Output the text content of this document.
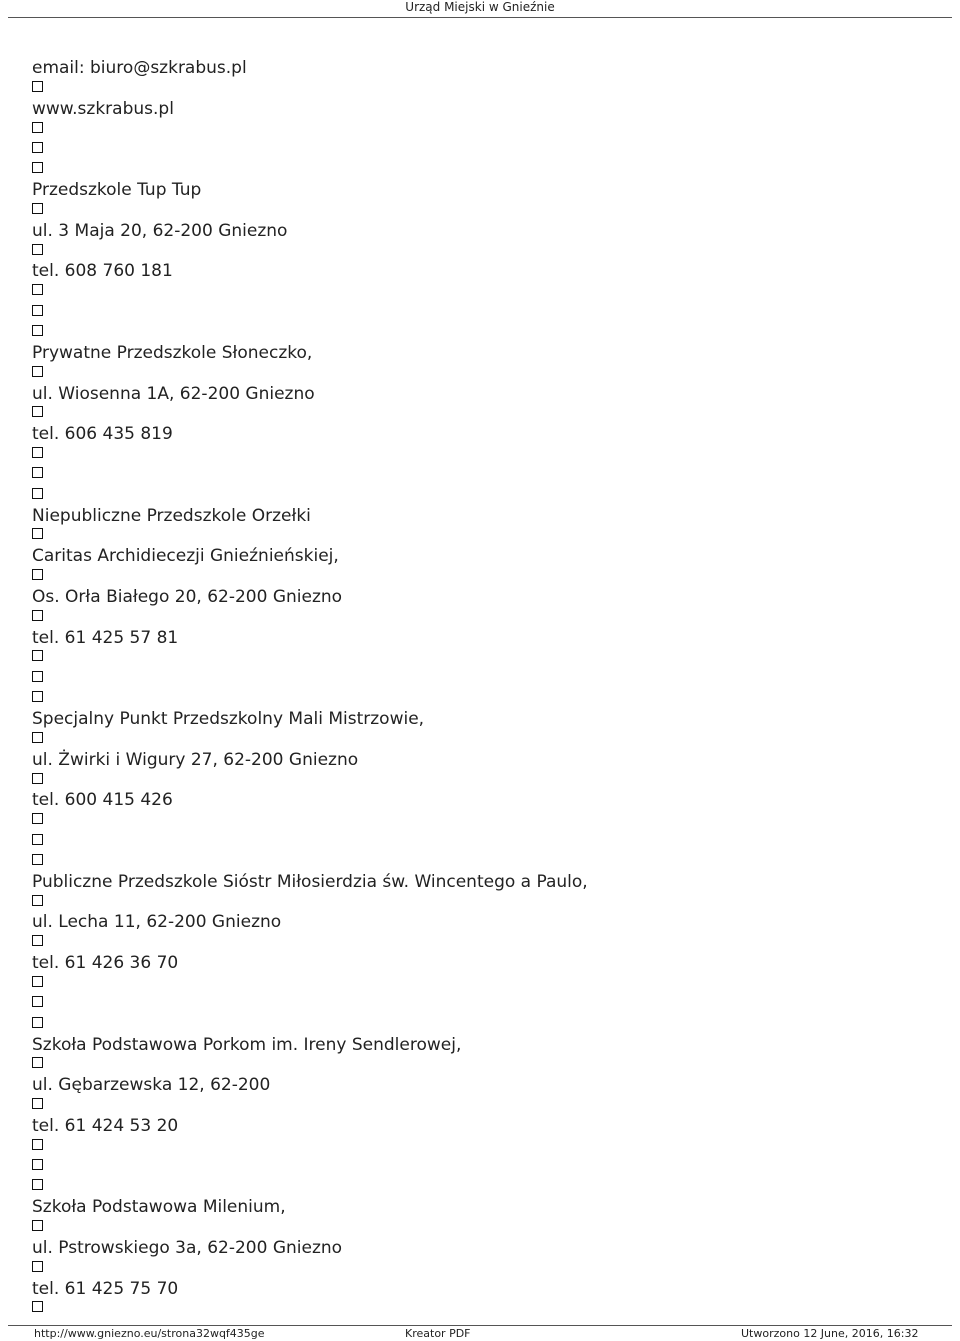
Urząd Miejski w Gnieźnie
email: biuro@szkrabus.pl
www.szkrabus.pl
Przedszkole Tup Tup
ul. 3 Maja 20, 62-200 Gniezno
tel. 608 760 181
Prywatne Przedszkole Słoneczko,
ul. Wiosenna 1A, 62-200 Gniezno
tel. 606 435 819
Niepubliczne Przedszkole Orzełki
Caritas Archidiecezji Gnieźnieńskiej,
Os. Orła Białego 20, 62-200 Gniezno
tel. 61 425 57 81
Specjalny Punkt Przedszkolny Mali Mistrzowie,
ul. Żwirki i Wigury 27, 62-200 Gniezno
tel. 600 415 426
Publiczne Przedszkole Sióstr Miłosierdzia św. Wincentego a Paulo,
ul. Lecha 11, 62-200 Gniezno
tel. 61 426 36 70
Szkoła Podstawowa Porkom im. Ireny Sendlerowej,
ul. Gębarzewska 12, 62-200
tel. 61 424 53 20
Szkoła Podstawowa Milenium,
ul. Pstrowskiego 3a, 62-200 Gniezno
tel. 61 425 75 70
http://www.gniezno.eu/strona32wqf435ge	Kreator PDF	Utworzono 12 June, 2016, 16:32
